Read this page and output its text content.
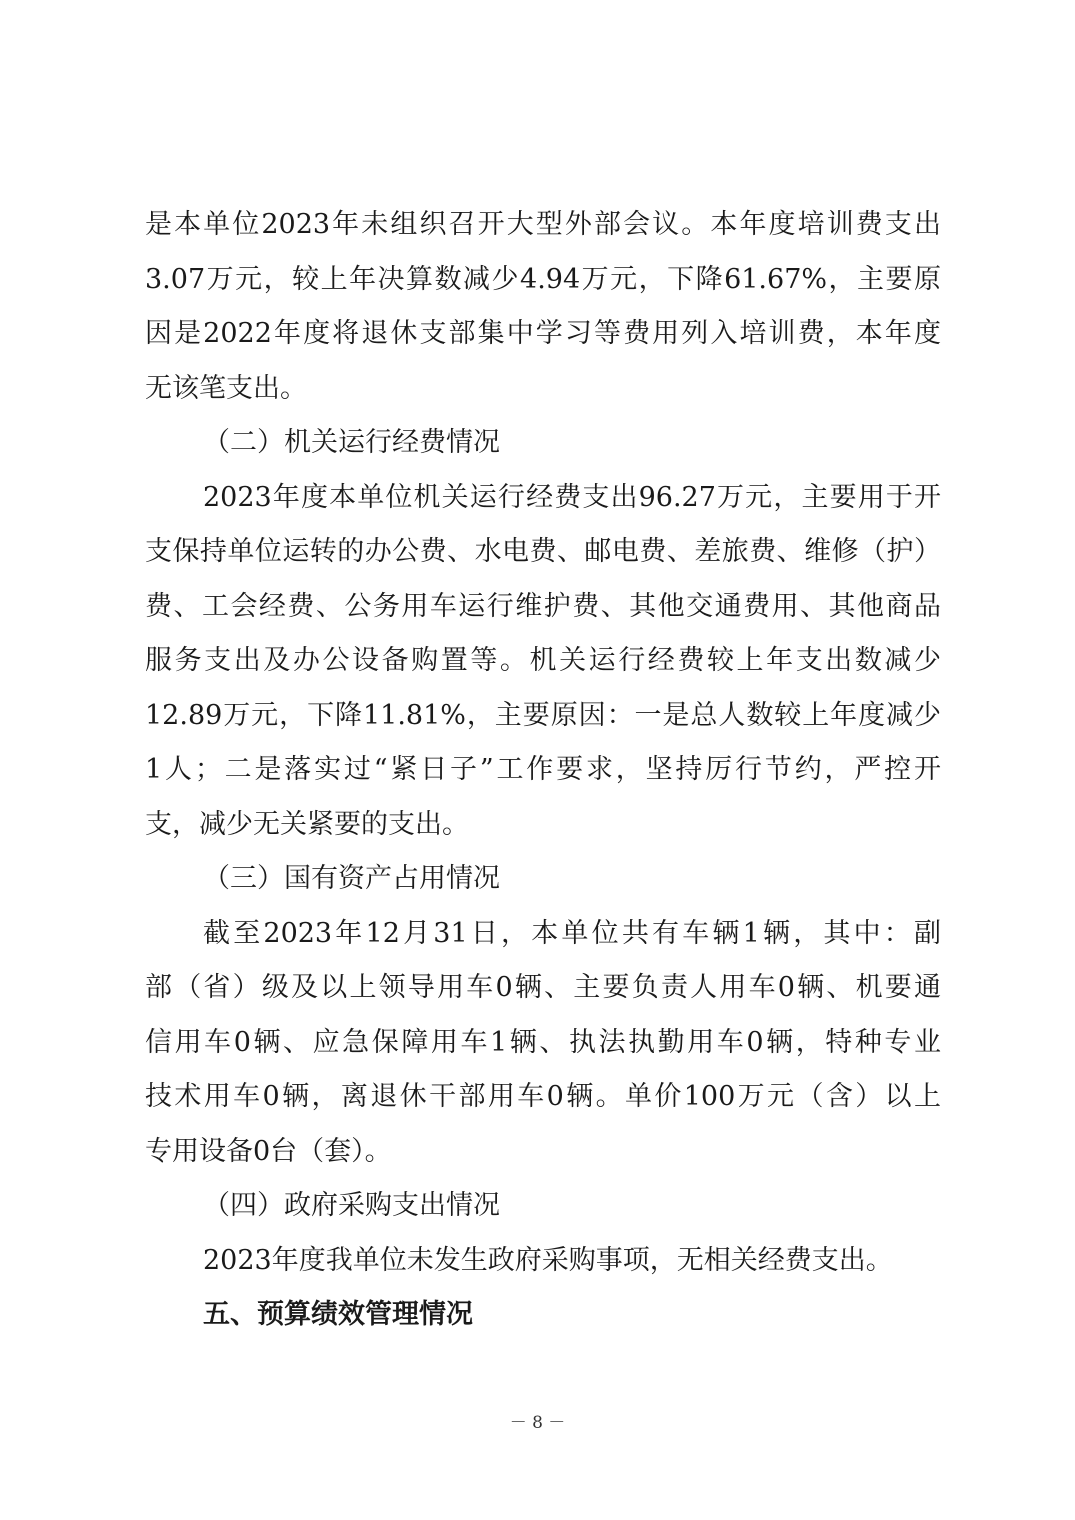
是本单位2023年未组织召开大型外部会议。本年度培训费支出
3.07万元，较上年决算数减少4.94万元，下降61.67%，主要原
因是2022年度将退休支部集中学习等费用列入培训费，本年度
无该笔支出。
（二）机关运行经费情况
2023年度本单位机关运行经费支出96.27万元，主要用于开
支保持单位运转的办公费、水电费、邮电费、差旅费、维修（护）
费、工会经费、公务用车运行维护费、其他交通费用、其他商品
服务支出及办公设备购置等。机关运行经费较上年支出数减少
12.89万元，下降11.81%，主要原因：一是总人数较上年度减少
1人；二是落实过“紧日子”工作要求，坚持厉行节约，严控开
支，减少无关紧要的支出。
（三）国有资产占用情况
截至2023年12月31日，本单位共有车辆1辆，其中：副
部（省）级及以上领导用车0辆、主要负责人用车0辆、机要通
信用车0辆、应急保障用车1辆、执法执勤用车0辆，特种专业
技术用车0辆，离退休干部用车0辆。单价100万元（含）以上
专用设备0台（套）。
（四）政府采购支出情况
2023年度我单位未发生政府采购事项，无相关经费支出。
五、预算绩效管理情况
－ 8 －
